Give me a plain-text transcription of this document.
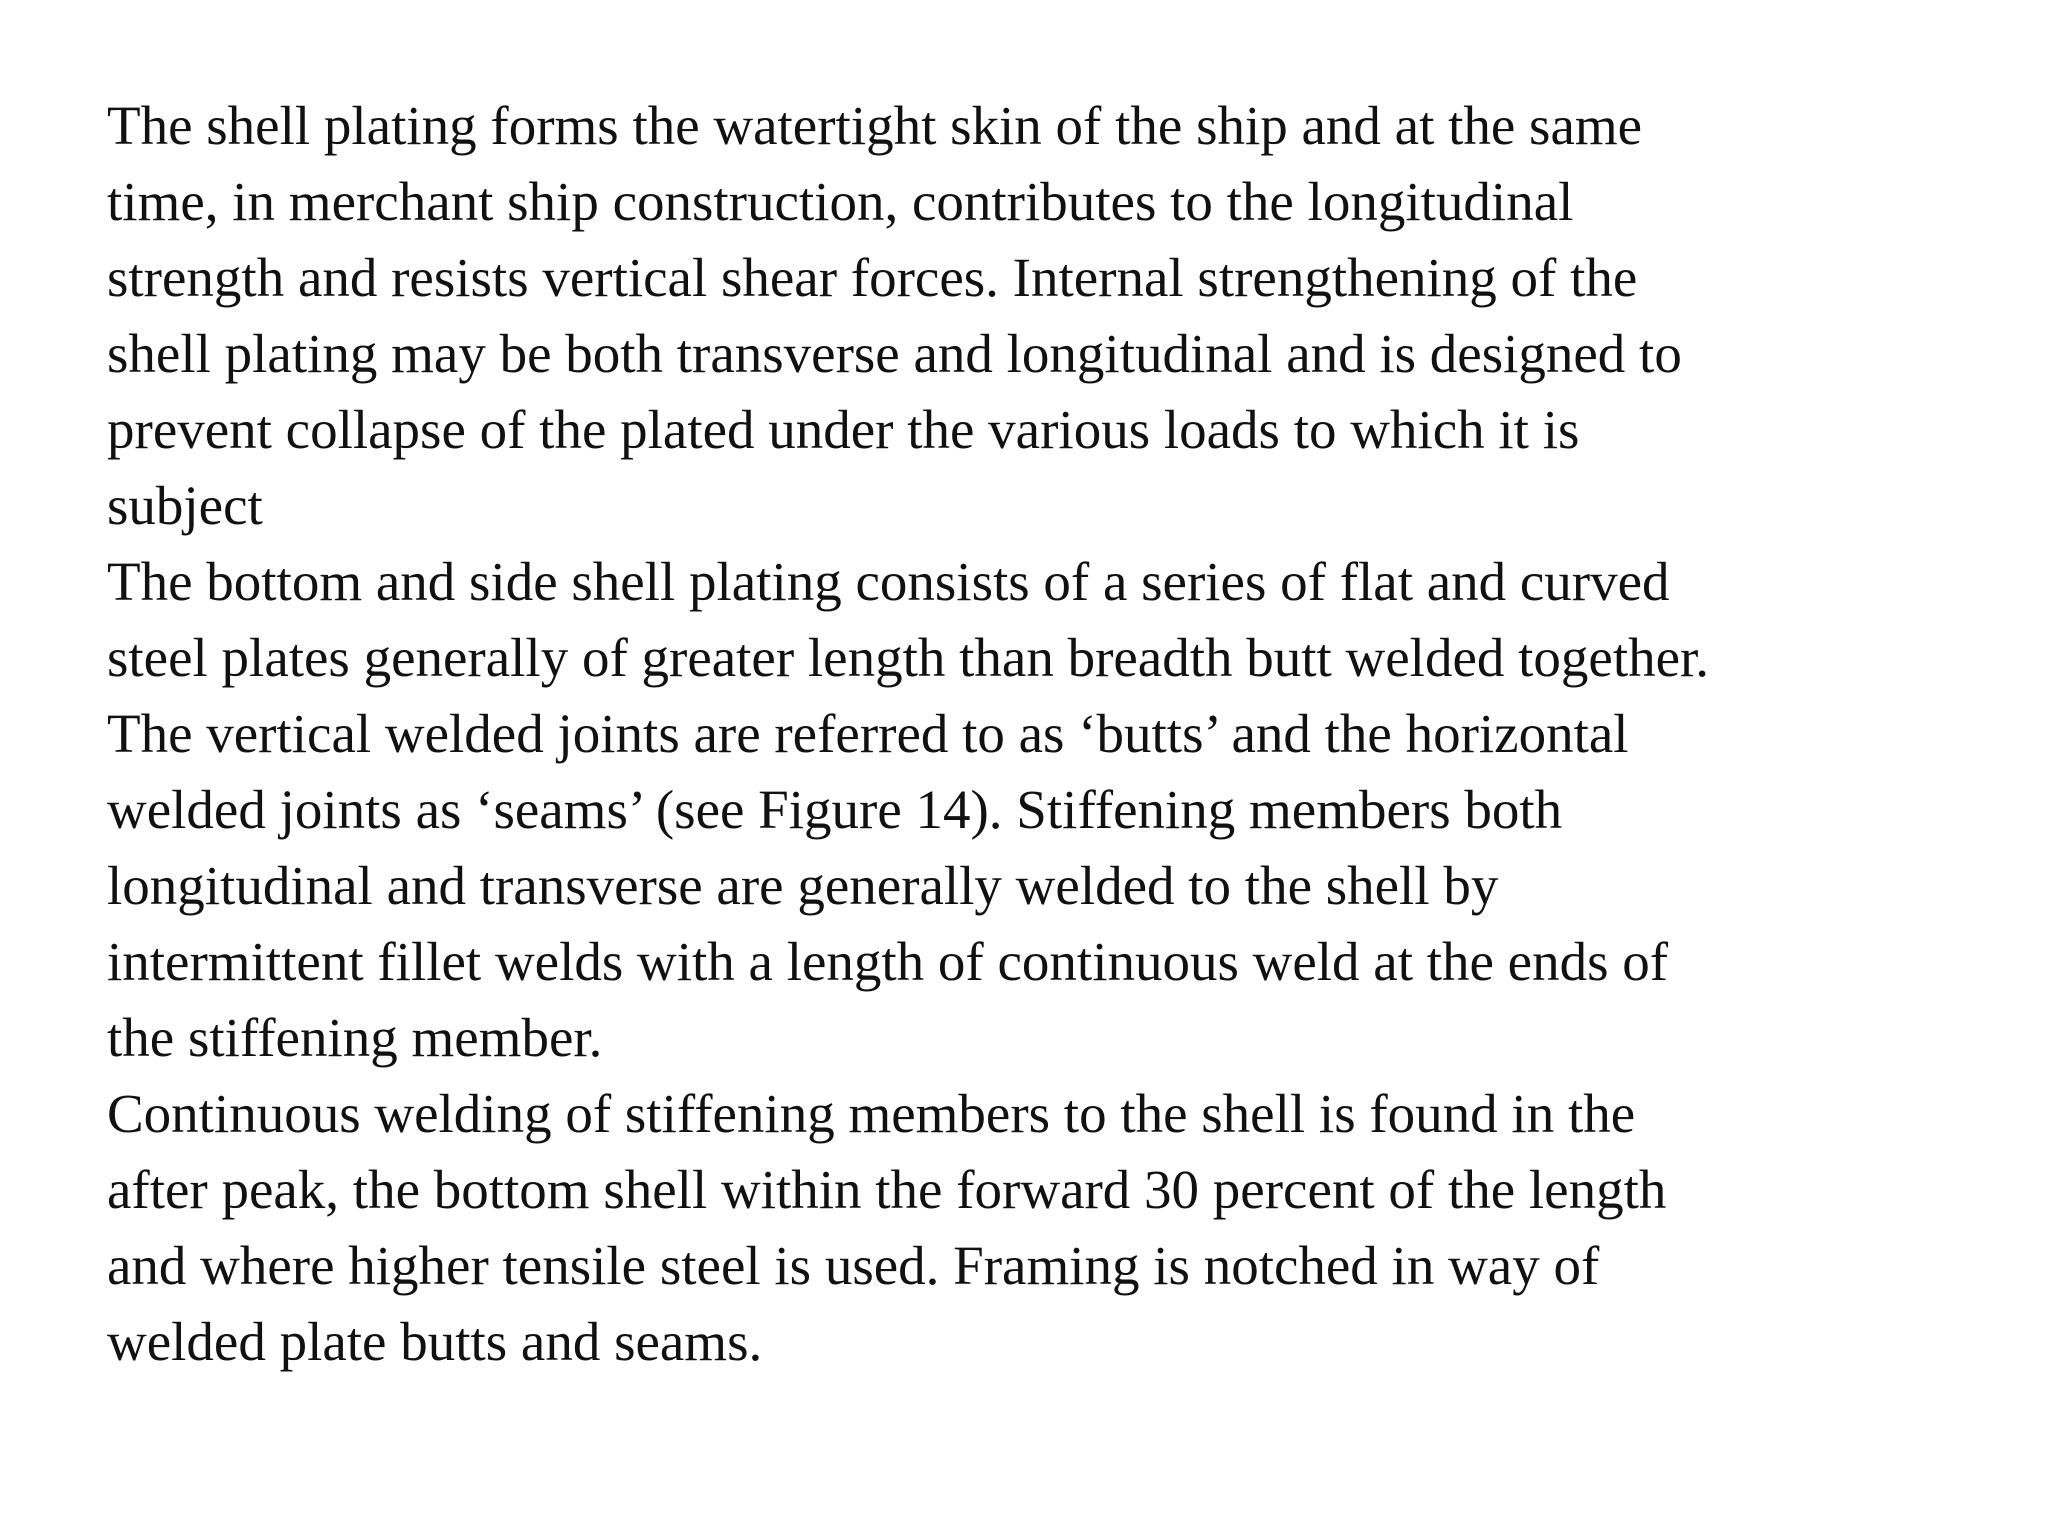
The shell plating forms the watertight skin of the ship and at the same
time, in merchant ship construction, contributes to the longitudinal
strength and resists vertical shear forces. Internal strengthening of the
shell plating may be both transverse and longitudinal and is designed to
prevent collapse of the plated under the various loads to which it is
subject

The bottom and side shell plating consists of a series of flat and curved
steel plates generally of greater length than breadth butt welded together.
The vertical welded joints are referred to as ‘butts’ and the horizontal
welded joints as ‘seams’ (see Figure 14). Stiffening members both
longitudinal and transverse are generally welded to the shell by
intermittent fillet welds with a length of continuous weld at the ends of
the stiffening member.

Continuous welding of stiffening members to the shell is found in the
after peak, the bottom shell within the forward 30 percent of the length
and where higher tensile steel is used. Framing is notched in way of
welded plate butts and seams.
